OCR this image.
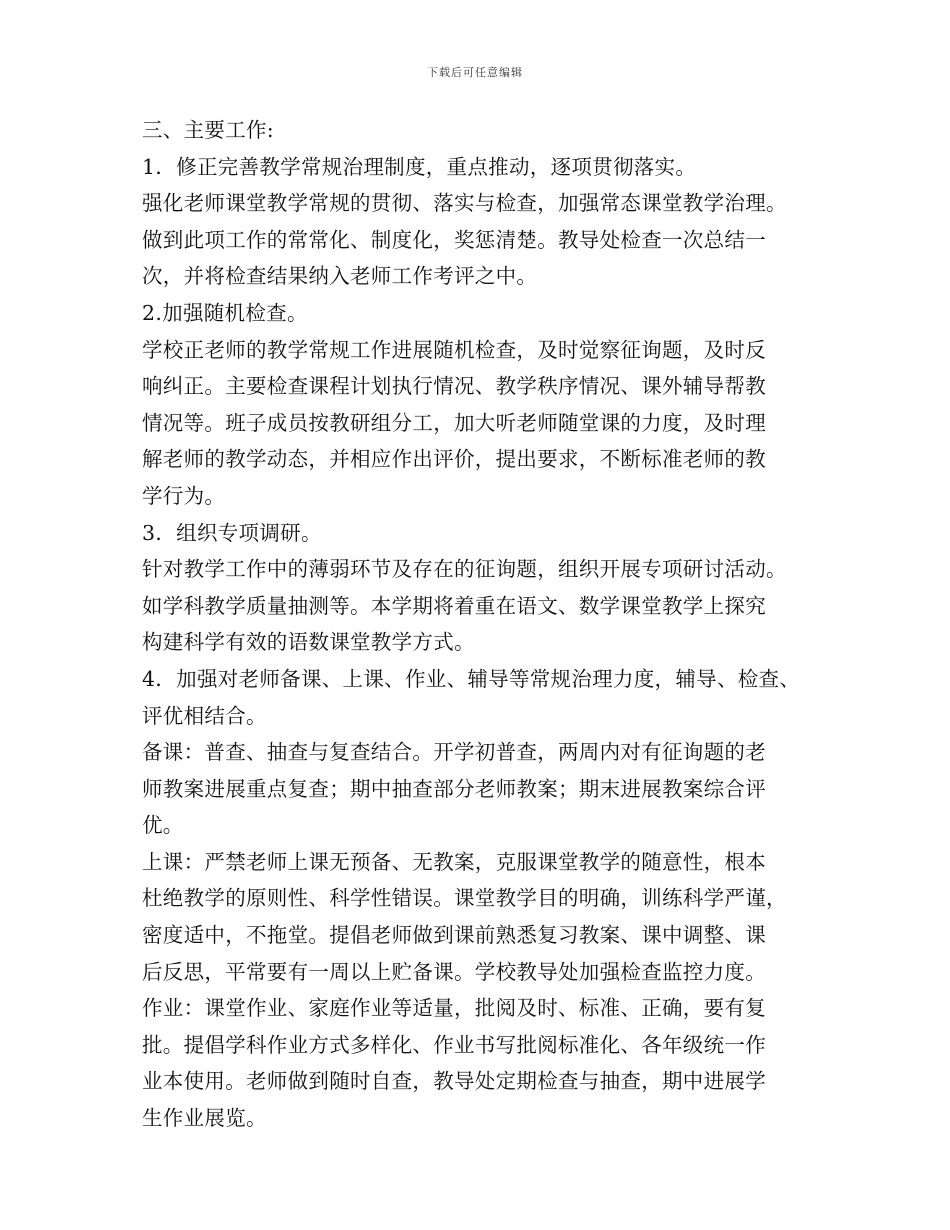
下载后可任意编辑
三、主要工作:
1．修正完善教学常规治理制度，重点推动，逐项贯彻落实。
强化老师课堂教学常规的贯彻、落实与检查，加强常态课堂教学治理。
做到此项工作的常常化、制度化，奖惩清楚。教导处检查一次总结一
次，并将检查结果纳入老师工作考评之中。
2.加强随机检查。
学校正老师的教学常规工作进展随机检查，及时觉察征询题，及时反
响纠正。主要检查课程计划执行情况、教学秩序情况、课外辅导帮教
情况等。班子成员按教研组分工，加大听老师随堂课的力度，及时理
解老师的教学动态，并相应作出评价，提出要求，不断标准老师的教
学行为。
3．组织专项调研。
针对教学工作中的薄弱环节及存在的征询题，组织开展专项研讨活动。
如学科教学质量抽测等。本学期将着重在语文、数学课堂教学上探究
构建科学有效的语数课堂教学方式。
4．加强对老师备课、上课、作业、辅导等常规治理力度，辅导、检查、
评优相结合。
备课：普查、抽查与复查结合。开学初普查，两周内对有征询题的老
师教案进展重点复查；期中抽查部分老师教案；期末进展教案综合评
优。
上课：严禁老师上课无预备、无教案，克服课堂教学的随意性，根本
杜绝教学的原则性、科学性错误。课堂教学目的明确，训练科学严谨，
密度适中，不拖堂。提倡老师做到课前熟悉复习教案、课中调整、课
后反思，平常要有一周以上贮备课。学校教导处加强检查监控力度。
作业：课堂作业、家庭作业等适量，批阅及时、标准、正确，要有复
批。提倡学科作业方式多样化、作业书写批阅标准化、各年级统一作
业本使用。老师做到随时自查，教导处定期检查与抽查，期中进展学
生作业展览。
